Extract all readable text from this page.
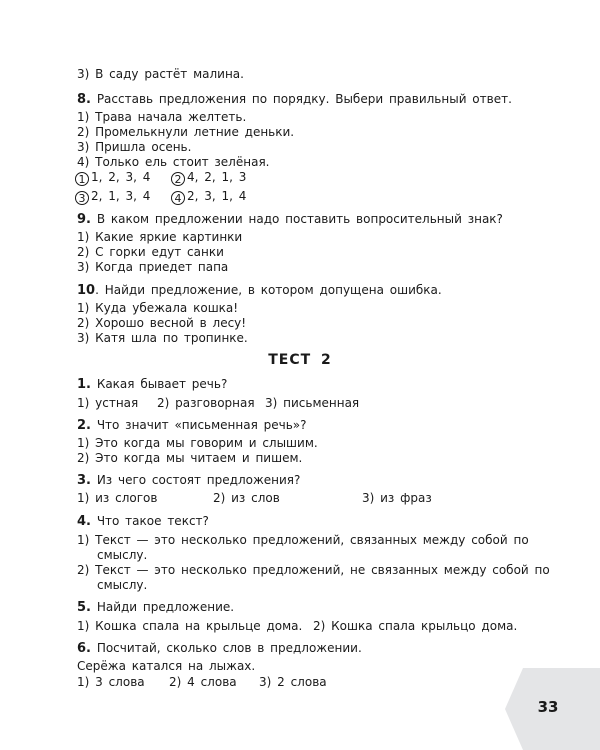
3) В саду растёт малина.
8. Расставь предложения по порядку. Выбери правильный ответ.
1) Трава начала желтеть.
2) Промелькнули летние деньки.
3) Пришла осень.
4) Только ель стоит зелёная.
1 1, 2, 3, 4	2 4, 2, 1, 3
3 2, 1, 3, 4	4 2, 3, 1, 4
9. В каком предложении надо поставить вопросительный знак?
1) Какие яркие картинки
2) С горки едут санки
3) Когда приедет папа
10. Найди предложение, в котором допущена ошибка.
1) Куда убежала кошка!
2) Хорошо весной в лесу!
3) Катя шла по тропинке.
ТЕСТ 2
1. Какая бывает речь?
1) устная 2) разговорная 3) письменная
2. Что значит «письменная речь»?
1) Это когда мы говорим и слышим.
2) Это когда мы читаем и пишем.
3. Из чего состоят предложения?
1) из слогов	2) из слов	3) из фраз
4. Что такое текст?
1) Текст — это несколько предложений, связанных между собой по
смыслу.
2) Текст — это несколько предложений, не связанных между собой по
смыслу.
5. Найди предложение.
1) Кошка спала на крыльце дома. 2) Кошка спала крыльцо дома.
6. Посчитай, сколько слов в предложении.
Серёжа катался на лыжах.
1) 3 слова 2) 4 слова 3) 2 слова
33
